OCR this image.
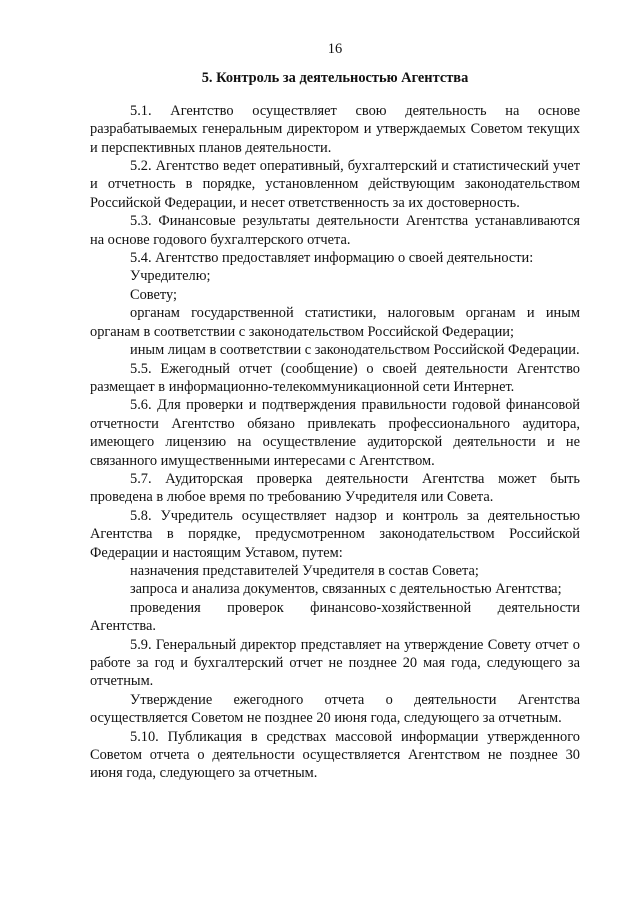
16
5. Контроль за деятельностью Агентства

5.1. Агентство осуществляет свою деятельность на основе разрабатываемых генеральным директором и утверждаемых Советом текущих и перспективных планов деятельности.

5.2. Агентство ведет оперативный, бухгалтерский и статистический учет и отчетность в порядке, установленном действующим законодательством Российской Федерации, и несет ответственность за их достоверность.

5.3. Финансовые результаты деятельности Агентства устанавливаются на основе годового бухгалтерского отчета.

5.4. Агентство предоставляет информацию о своей деятельности:

Учредителю;

Совету;

органам государственной статистики, налоговым органам и иным органам в соответствии с законодательством Российской Федерации;

иным лицам в соответствии с законодательством Российской Федерации.

5.5. Ежегодный отчет (сообщение) о своей деятельности Агентство размещает в информационно-телекоммуникационной сети Интернет.

5.6. Для проверки и подтверждения правильности годовой финансовой отчетности Агентство обязано привлекать профессионального аудитора, имеющего лицензию на осуществление аудиторской деятельности и не связанного имущественными интересами с Агентством.

5.7. Аудиторская проверка деятельности Агентства может быть проведена в любое время по требованию Учредителя или Совета.

5.8. Учредитель осуществляет надзор и контроль за деятельностью Агентства в порядке, предусмотренном законодательством Российской Федерации и настоящим Уставом, путем:

назначения представителей Учредителя в состав Совета;

запроса и анализа документов, связанных с деятельностью Агентства;

проведения проверок финансово-хозяйственной деятельности Агентства.

5.9. Генеральный директор представляет на утверждение Совету отчет о работе за год и бухгалтерский отчет не позднее 20 мая года, следующего за отчетным.

Утверждение ежегодного отчета о деятельности Агентства осуществляется Советом не позднее 20 июня года, следующего за отчетным.

5.10. Публикация в средствах массовой информации утвержденного Советом отчета о деятельности осуществляется Агентством не позднее 30 июня года, следующего за отчетным.
